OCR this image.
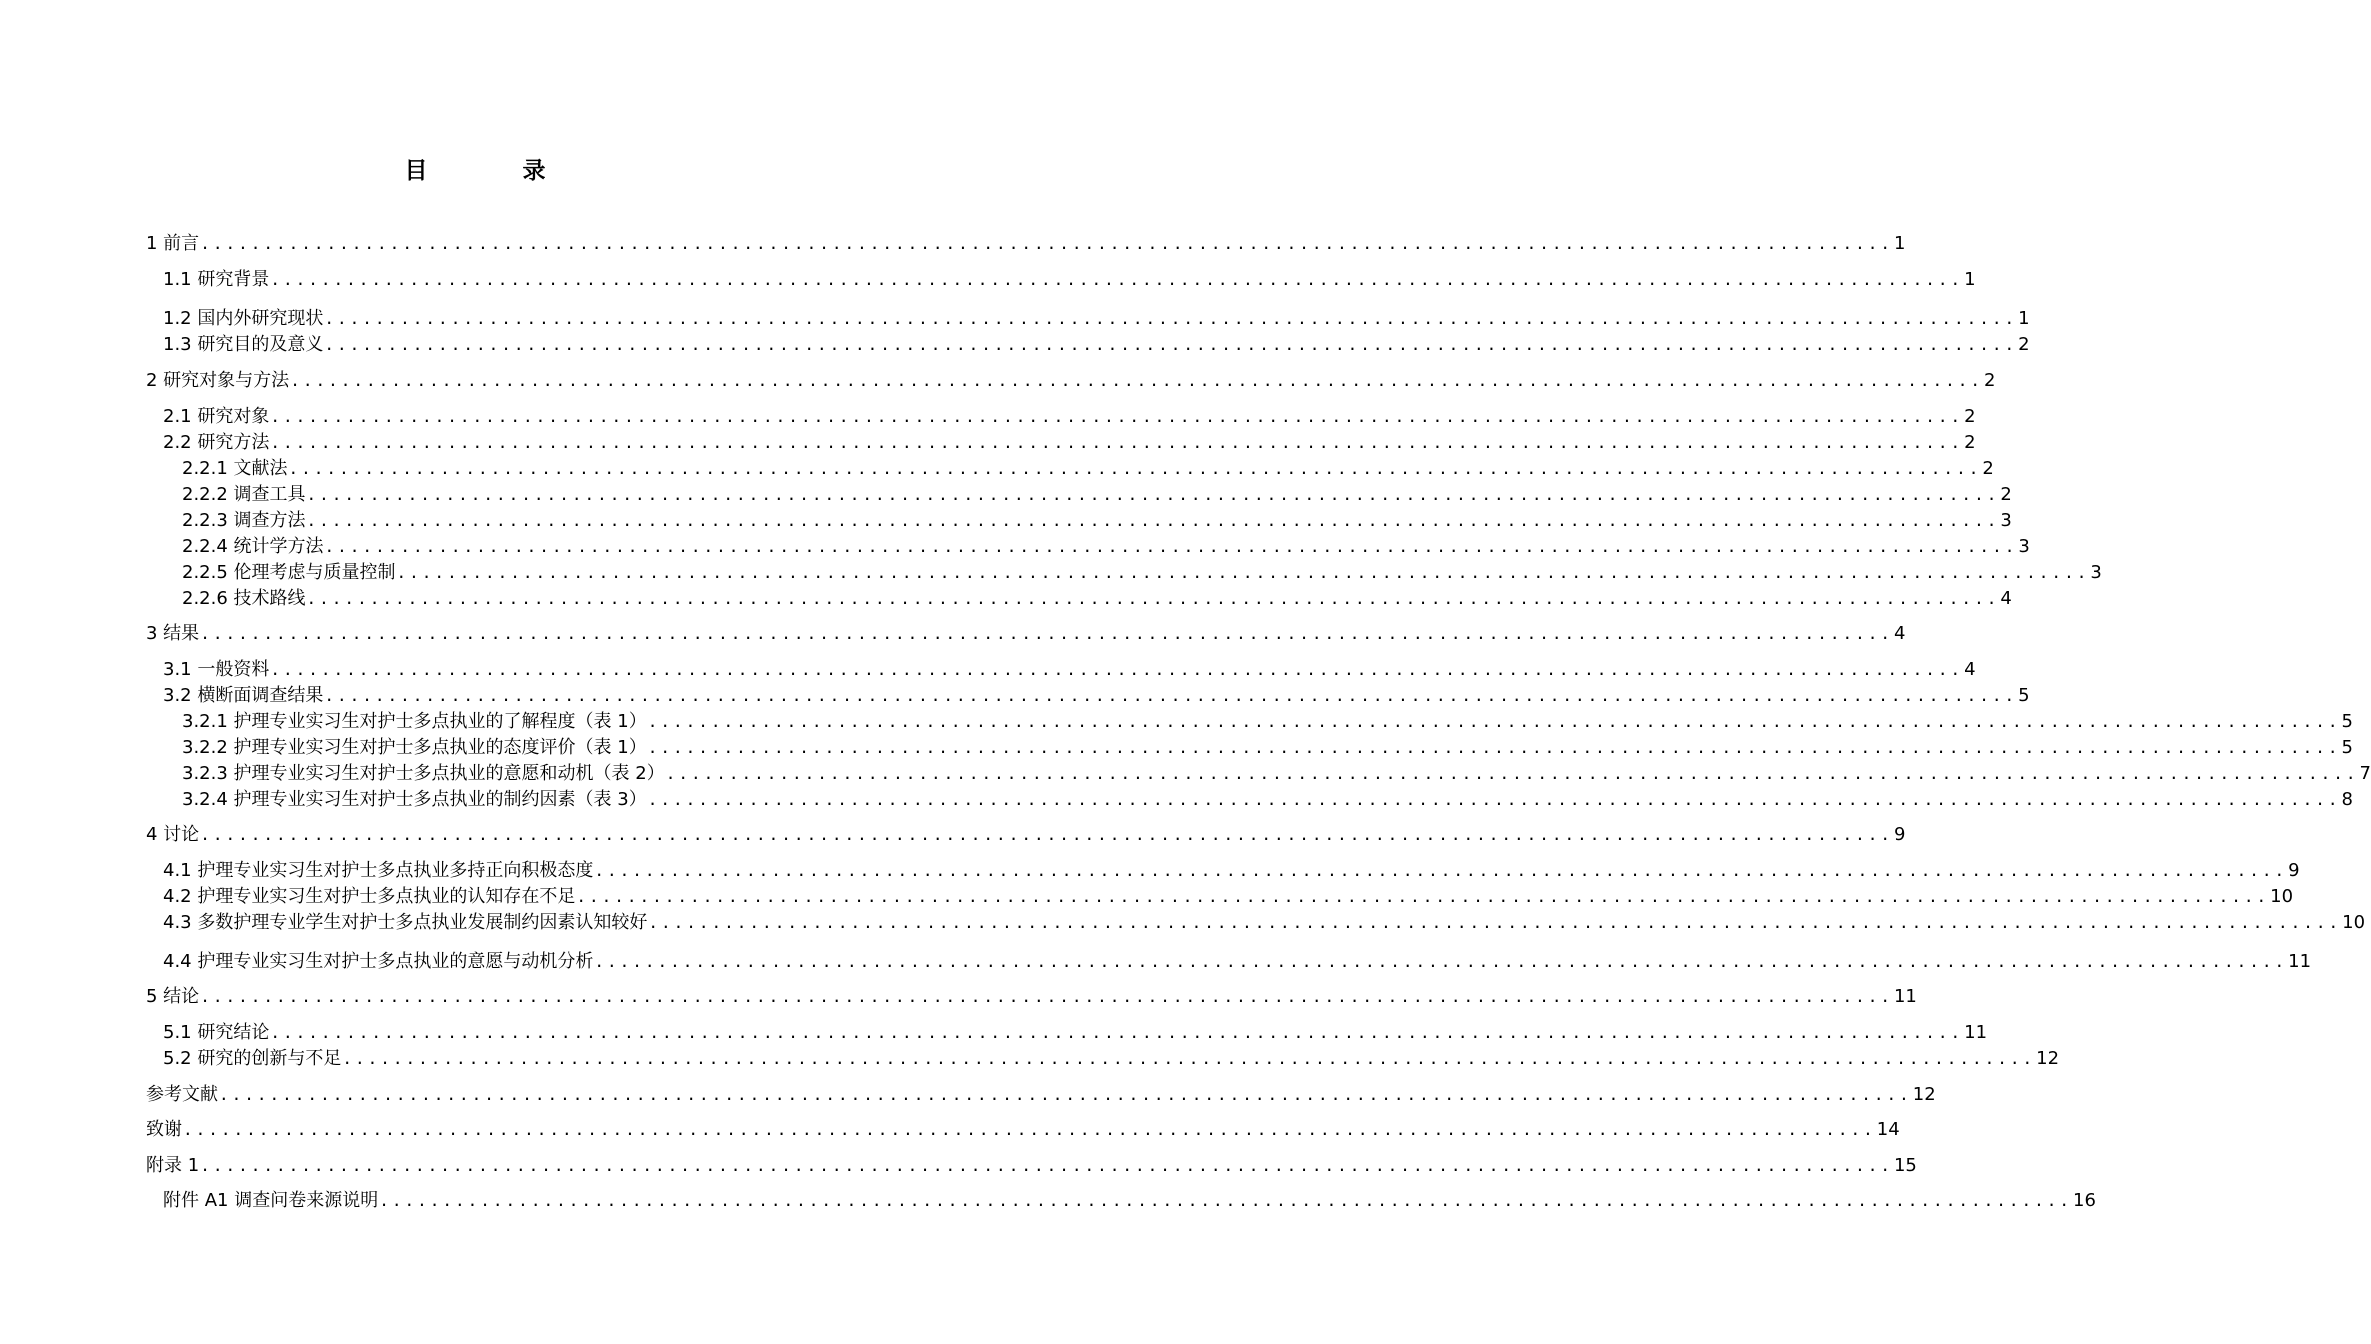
目　录
1 前言 ...................................................................................................................................... 1
1.1 研究背景 ...................................................................................................................................... 1
1.2 国内外研究现状 ...................................................................................................................................... 1
1.3 研究目的及意义 ...................................................................................................................................... 2
2 研究对象与方法 ...................................................................................................................................... 2
2.1 研究对象 ...................................................................................................................................... 2
2.2 研究方法 ...................................................................................................................................... 2
2.2.1 文献法 ...................................................................................................................................... 2
2.2.2 调查工具 ...................................................................................................................................... 2
2.2.3 调查方法 ...................................................................................................................................... 3
2.2.4 统计学方法 ...................................................................................................................................... 3
2.2.5 伦理考虑与质量控制 ...................................................................................................................................... 3
2.2.6 技术路线 ...................................................................................................................................... 4
3 结果 ...................................................................................................................................... 4
3.1 一般资料 ...................................................................................................................................... 4
3.2 横断面调查结果 ...................................................................................................................................... 5
3.2.1 护理专业实习生对护士多点执业的了解程度（表 1） ...................................................................................................................................... 5
3.2.2 护理专业实习生对护士多点执业的态度评价（表 1） ...................................................................................................................................... 5
3.2.3 护理专业实习生对护士多点执业的意愿和动机（表 2） ...................................................................................................................................... 7
3.2.4 护理专业实习生对护士多点执业的制约因素（表 3） ...................................................................................................................................... 8
4 讨论 ...................................................................................................................................... 9
4.1 护理专业实习生对护士多点执业多持正向积极态度 ...................................................................................................................................... 9
4.2 护理专业实习生对护士多点执业的认知存在不足 ...................................................................................................................................... 10
4.3 多数护理专业学生对护士多点执业发展制约因素认知较好 ...................................................................................................................................... 10
4.4 护理专业实习生对护士多点执业的意愿与动机分析 ...................................................................................................................................... 11
5 结论 ...................................................................................................................................... 11
5.1 研究结论 ...................................................................................................................................... 11
5.2 研究的创新与不足 ...................................................................................................................................... 12
参考文献 ...................................................................................................................................... 12
致谢 ...................................................................................................................................... 14
附录 1 ...................................................................................................................................... 15
附件 A1 调查问卷来源说明 ...................................................................................................................................... 16
